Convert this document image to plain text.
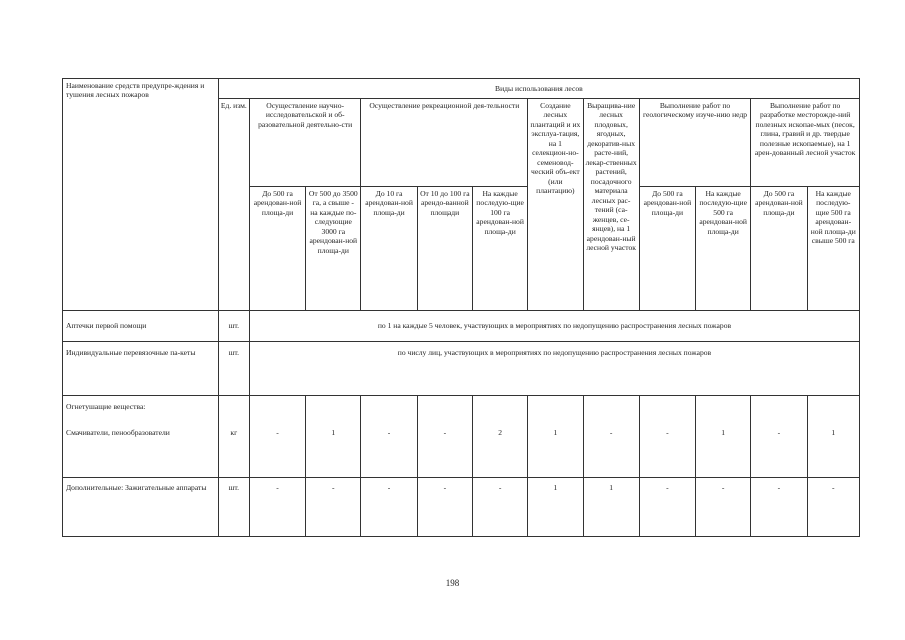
Наименование средств предупре-ждения и тушения лесных пожаров	Виды использования лесов											
	Ед. изм.	Осуществление научно-исследовательской и об-разовательной деятельно-сти		Осуществление рекреационной дея-тельности			Создание лесных плантаций и их эксплуа-тация, на 1 селекцион-но-семеновод-ческий объ-ект (или плантацию)	Выращива-ние лесных плодовых, ягодных, декоратив-ных расте-ний, лекар-ственных растений, посадочного материала лесных рас-тений (са-женцев, се-янцев), на 1 арендован-ный лесной участок	Выполнение работ по геологическому изуче-нию недр		Выполнение работ по разработке месторожде-ний полезных ископае-мых (песок, глина, гравий и др. твердые полезные ископаемые), на 1 арен-дованный лесной участок	
		До 500 га арендован-ной площа-ди	От 500 до 3500 га, а свыше - на каждые по-следующие 3000 га арендован-ной площа-ди	До 10 га арендован-ной площа-ди	От 10 до 100 га арендо-ванной площади	На каждые последую-щие 100 га арендован-ной площа-ди			До 500 га арендован-ной площа-ди	На каждые последую-щие 500 га арендован-ной площа-ди	До 500 га арендован-ной площа-ди	На каждые последую-щие 500 га арендован-ной площа-ди свыше 500 га
Аптечки первой помощи	шт.	по 1 на каждые 5 человек, участвующих в мероприятиях по недопущению распространения лесных пожаров										
Индивидуальные перевязочные па-кеты	шт.	по числу лиц, участвующих в мероприятиях по недопущению распространения лесных пожаров										
Огнетушащие вещества:												
Смачиватели, пенообразователи	кг	-	1	-	-	2	1	-	-	1	-	1
Дополнительные: Зажигательные аппараты	шт.	-	-	-	-	-	1	1	-	-	-	-
198
